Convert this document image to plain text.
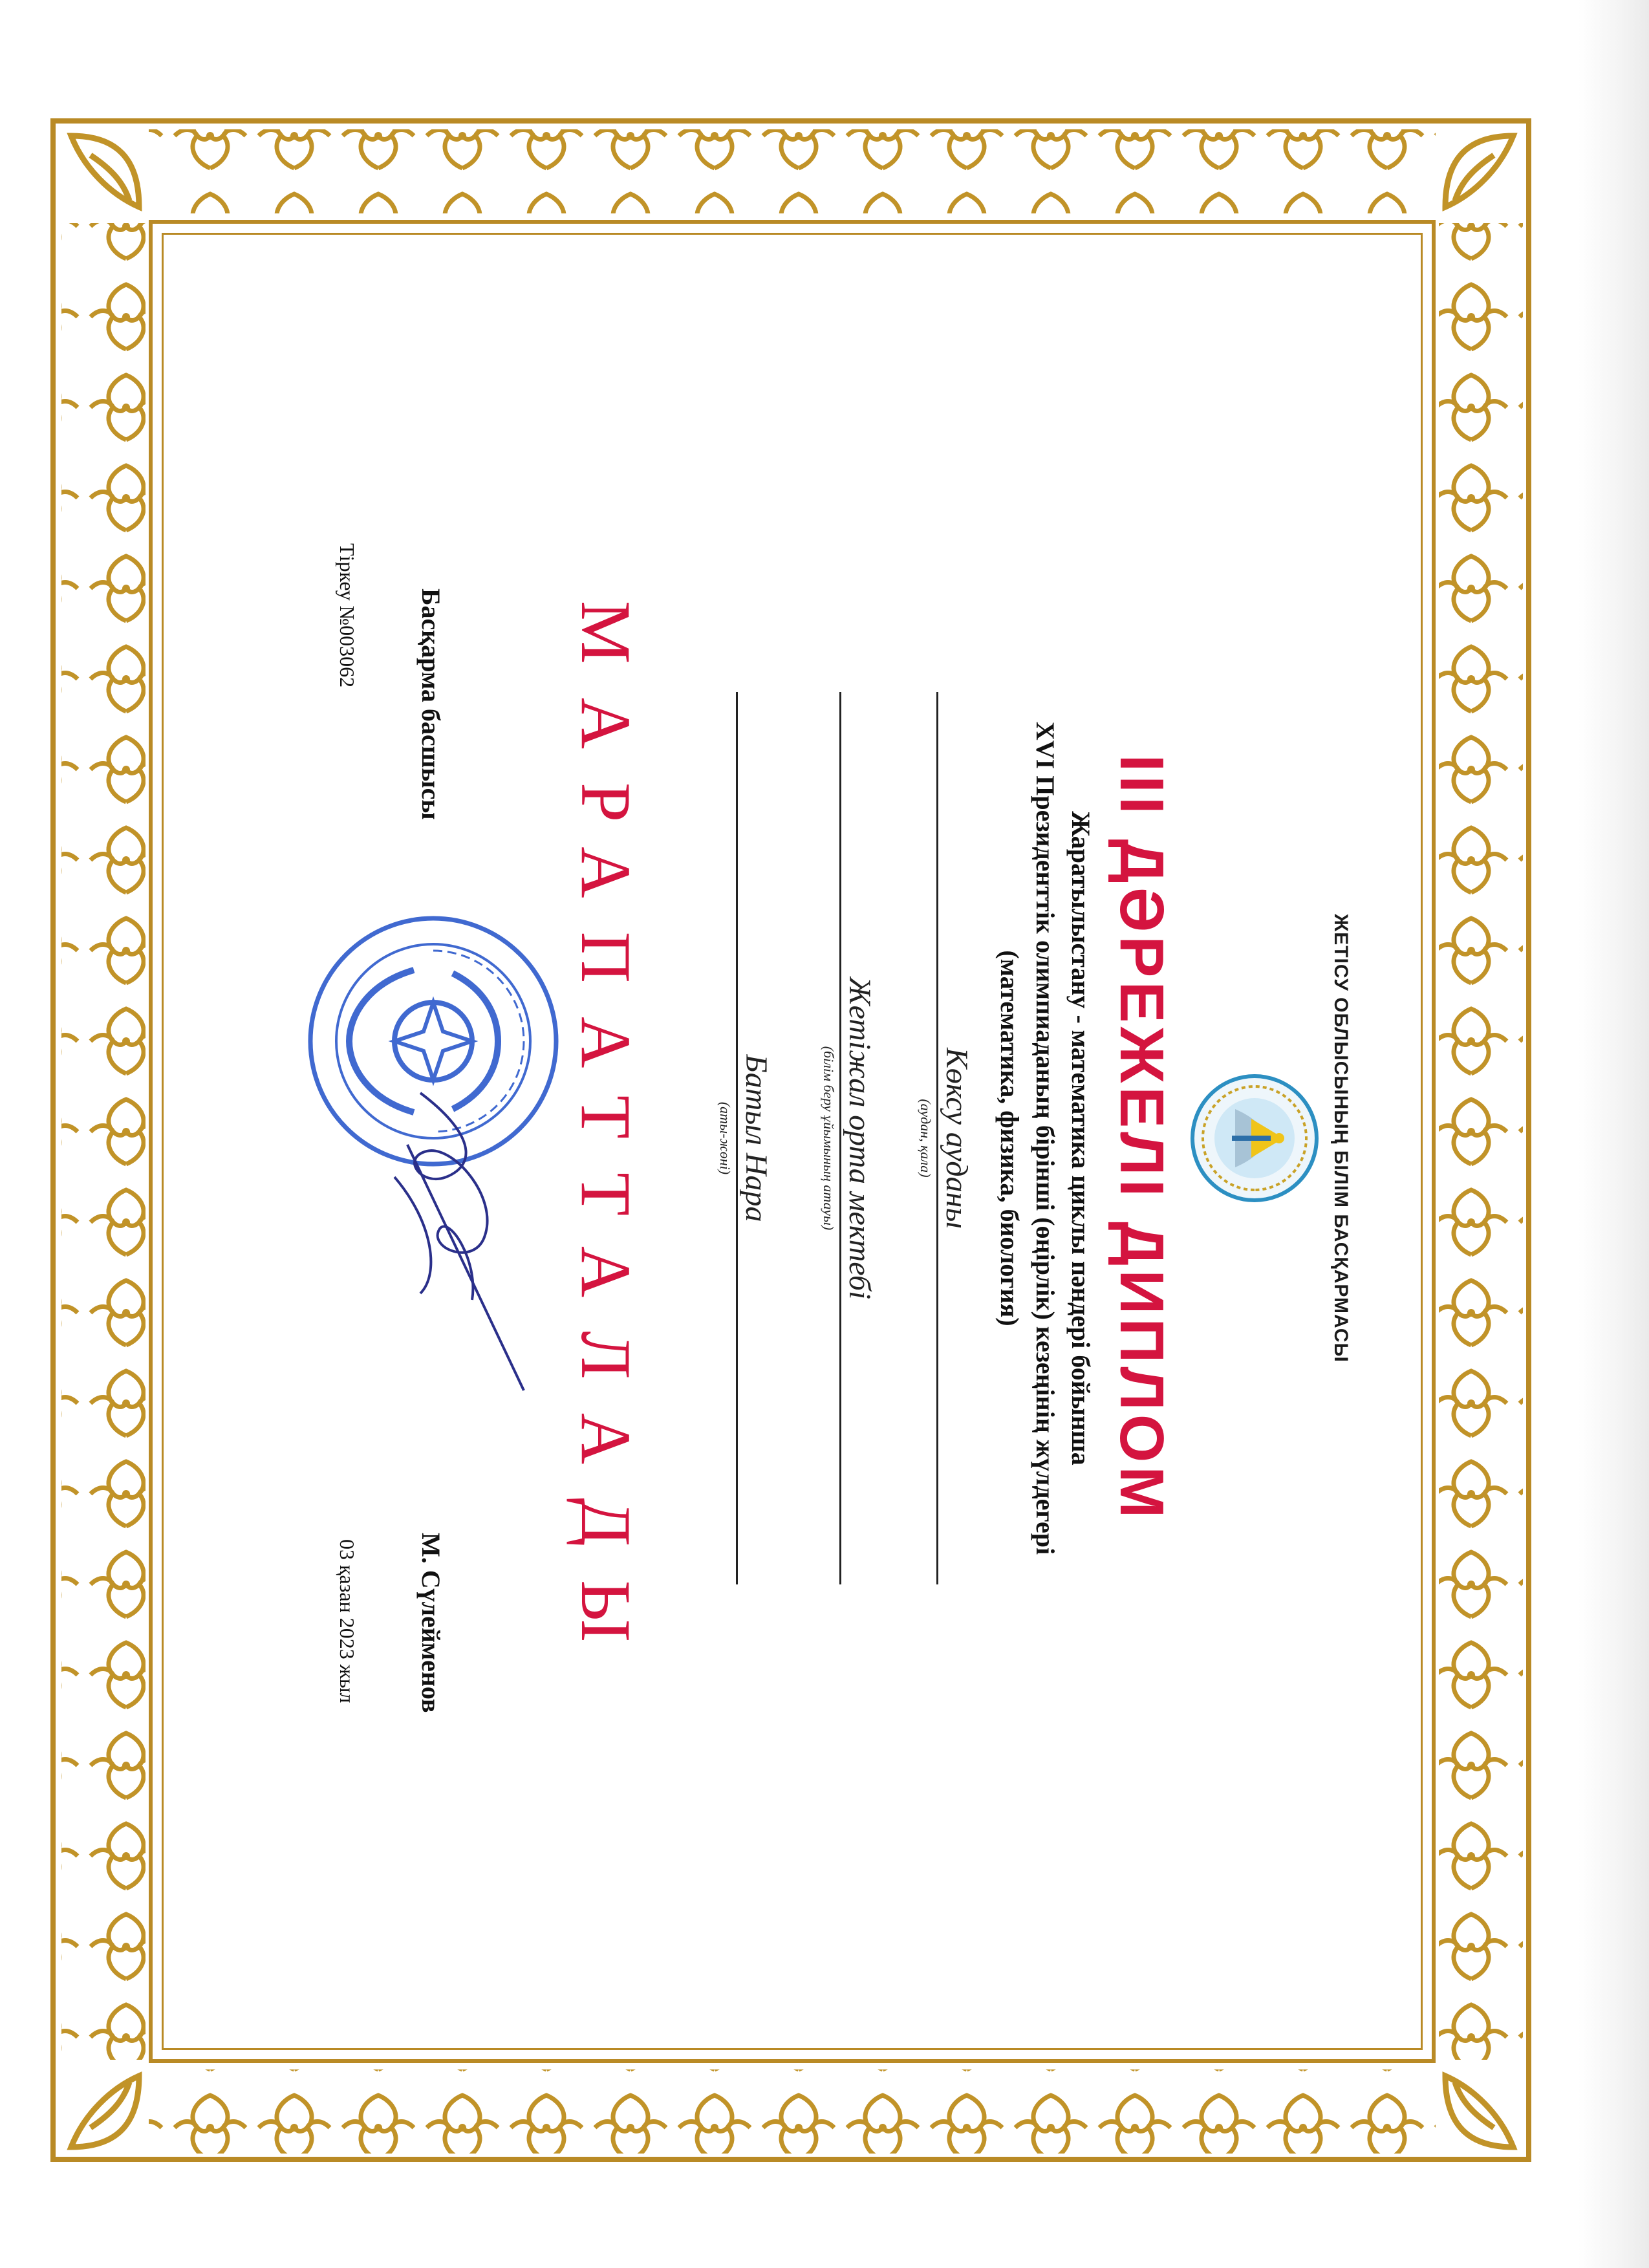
ЖЕТІСУ ОБЛЫСЫНЫҢ БІЛІМ БАСҚАРМАСЫ
ІІІ ДӘРЕЖЕЛІ ДИПЛОМ
Жаратылыстану - математика циклы пәндері бойынша
XVI Президенттік олимпиаданың бірінші (өңірлік) кезеңінің жүлдегері
(математика, физика, биология)
Көксу ауданы
(аудан, қала)
Жетіжал орта мектебі
(білім беру ұйымының атауы)
Батыл Нара
(аты-жөні)
МАРАПАТТАЛАДЫ
Басқарма басшысы
М. Сүлейменов
Тіркеу №003062
03 қазан 2023 жыл
